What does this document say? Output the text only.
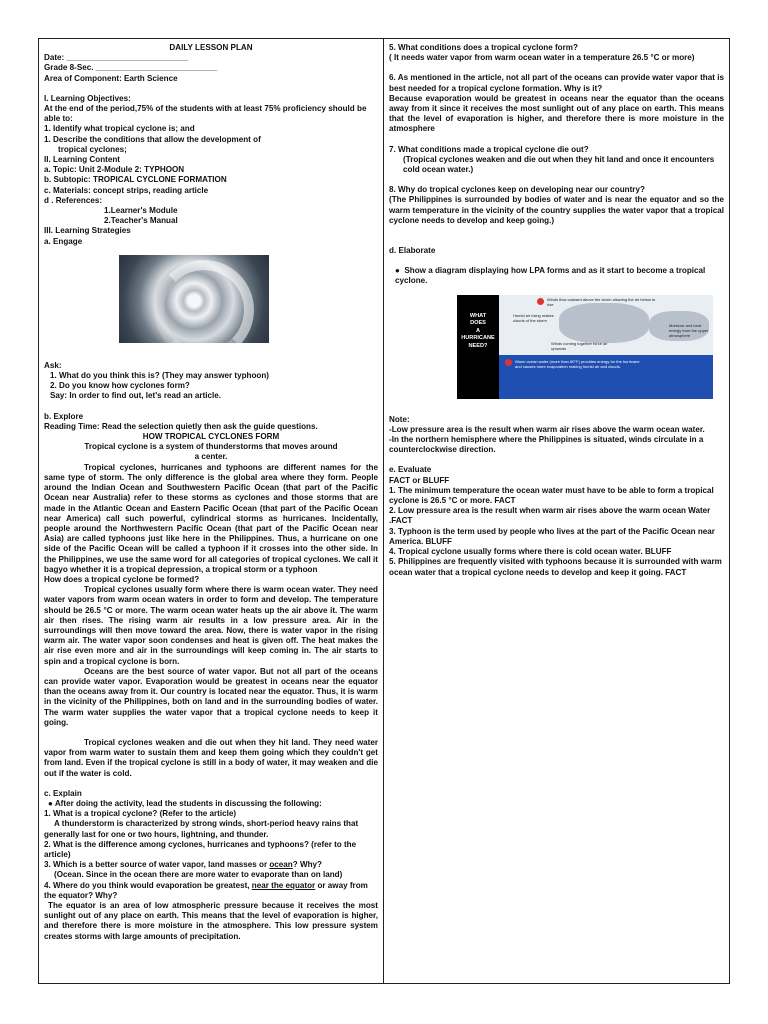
DAILY LESSON PLAN

Date: ___________________________

Grade 8-Sec. ___________________________

Area of Component: Earth Science

I. Learning Objectives:

At the end of the period,75% of the students with at least 75% proficiency should be able to:

1. Identify what tropical cyclone is; and

1. Describe the conditions that allow the development of

tropical cyclones;

II. Learning Content

a. Topic: Unit 2-Module 2: TYPHOON

b. Subtopic: TROPICAL CYCLONE FORMATION

c. Materials: concept strips, reading article

d . References:

1.Learner's Module

2.Teacher's Manual

III. Learning Strategies

a. Engage

Ask:

1. What do you think this is? (They may answer typhoon)

2. Do you know how cyclones form?

Say: In order to find out, let's read an article.

b. Explore

Reading Time: Read the selection quietly then ask the guide questions.

HOW TROPICAL CYCLONES FORM

Tropical cyclone is a system of thunderstorms that moves around a center.

Tropical cyclones, hurricanes and typhoons are different names for the same type of storm. The only difference is the global area where they form. People around the Indian Ocean and Southwestern Pacific Ocean (that part of the Pacific Ocean near Australia) refer to these storms as cyclones and those storms that are made in the Atlantic Ocean and Eastern Pacific Ocean (that part of the Pacific Ocean near America) call such powerful, cylindrical storms as hurricanes. Incidentally, people around the Northwestern Pacific Ocean (that part of the Pacific Ocean near Asia) are called typhoons just like here in the Philippines. Thus, a hurricane on one side of the Pacific Ocean will be called a typhoon if it crosses into the other side. In the Philippines, we use the same word for all categories of tropical cyclones. We call it bagyo whether it is a tropical depression, a tropical storm or a typhoon

How does a tropical cyclone be formed?

Tropical cyclones usually form where there is warm ocean water. They need water vapors from warm ocean waters in order to form and develop. The temperature should be 26.5 °C or more. The warm ocean water heats up the air above it. The warm air then rises. The rising warm air results in a low pressure area. Air in the surroundings will then move toward the area. Now, there is water vapor in the rising warm air. The water vapor soon condenses and heat is given off. The heat makes the air rise even more and air in the surroundings will keep coming in. The air starts to spin and a tropical cyclone is born.

Oceans are the best source of water vapor. But not all part of the oceans can provide water vapor. Evaporation would be greatest in oceans near the equator than the oceans away from it. Our country is located near the equator. Thus, it is warm in the vicinity of the Philippines, both on land and in the surrounding bodies of water. The warm water supplies the water vapor that a tropical cyclone needs to keep it going.

Tropical cyclones weaken and die out when they hit land. They need water vapor from warm water to sustain them and keep them going which they couldn't get from land. Even if the tropical cyclone is still in a body of water, it may weaken and die out if the water is cold.

c. Explain

● After doing the activity, lead the students in discussing the following:

1. What is a tropical cyclone? (Refer to the article)

A thunderstorm is characterized by strong winds, short-period heavy rains that generally last for one or two hours, lightning, and thunder.

2. What is the difference among cyclones, hurricanes and typhoons? (refer to the article)

3. Which is a better source of water vapor, land masses or ocean? Why?

(Ocean. Since in the ocean there are more water to evaporate than on land)

4. Where do you think would evaporation be greatest, near the equator or away from the equator? Why?

The equator is an area of low atmospheric pressure because it receives the most sunlight out of any place on earth. This means that the level of evaporation is higher, and therefore there is more moisture in the atmosphere. This low pressure system creates storms with large amounts of precipitation.

5. What conditions does a tropical cyclone form?

( It needs water vapor from warm ocean water in a temperature 26.5 °C or more)

6. As mentioned in the article, not all part of the oceans can provide water vapor that is best needed for a tropical cyclone formation. Why is it?

Because evaporation would be greatest in oceans near the equator than the oceans away from it since it receives the most sunlight out of any place on earth. This means that the level of evaporation is higher, and therefore there is more moisture in the atmosphere

7. What conditions made a tropical cyclone die out?

(Tropical cyclones weaken and die out when they hit land and once it encounters cold ocean water.)

8. Why do tropical cyclones keep on developing near our country?

(The Philippines is surrounded by bodies of water and is near the equator and so the warm temperature in the vicinity of the country supplies the water vapor that a tropical cyclone needs to develop and keep going.)

d. Elaborate

●  Show a diagram displaying how LPA forms and as it start to become a tropical cyclone.

WHAT
DOES
A
HURRICANE
NEED?
Winds flow outward above the storm allowing the air below to rise
Humid air rising makes clouds of the storm
Winds coming together force air upwards
Moisture and heat energy from the upper atmosphere
Warm ocean water (more than 80°F) provides energy for the hurricane and causes more evaporation making humid air and clouds.

Note:

-Low pressure area is the result when warm air rises above the warm ocean water.

-In the northern hemisphere where the Philippines is situated, winds circulate in a

counterclockwise direction.

e. Evaluate

FACT or BLUFF

1. The minimum temperature the ocean water must have to be able to form a tropical cyclone is 26.5 °C or more. FACT

2. Low pressure area is the result when warm air rises above the warm ocean Water .FACT

3. Typhoon is the term used by people who lives at the part of the Pacific Ocean near America. BLUFF

4. Tropical cyclone usually forms where there is cold ocean water. BLUFF

5. Philippines are frequently visited with typhoons because it is surrounded with warm ocean water that a tropical cyclone needs to develop and keep it going. FACT
